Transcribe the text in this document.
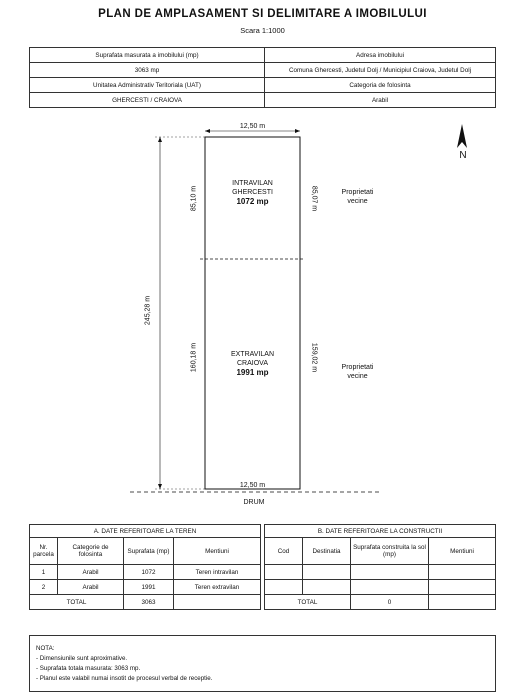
PLAN DE AMPLASAMENT SI DELIMITARE A IMOBILULUI
Scara 1:1000
Suprafata masurata a imobilului (mp)	Adresa imobilului
3063 mp	Comuna Ghercesti, Judetul Dolj / Municipiul Craiova, Judetul Dolj
Unitatea Administrativ Teritoriala (UAT)	Categoria de folosinta
GHERCESTI / CRAIOVA	Arabil
12,50 m
12,50 m
DRUM
N
245,28 m
85,10 m	85,07 m
160,18 m	159,02 m
INTRAVILAN
GHERCESTI
1072 mp
EXTRAVILAN
CRAIOVA
1991 mp
Proprietati vecine
Proprietati vecine
A. DATE REFERITOARE LA TEREN			
Nr. parcela	Categorie de folosinta	Suprafata (mp)	Mentiuni
1	Arabil	1072	Teren intravilan
2	Arabil	1991	Teren extravilan
TOTAL		3063	
B. DATE REFERITOARE LA CONSTRUCTII			
Cod	Destinatia	Suprafata construita la sol (mp)	Mentiuni

TOTAL		0	
NOTA:
- Dimensiunile sunt aproximative.
- Suprafata totala masurata: 3063 mp.
- Planul este valabil numai insotit de procesul verbal de receptie.
